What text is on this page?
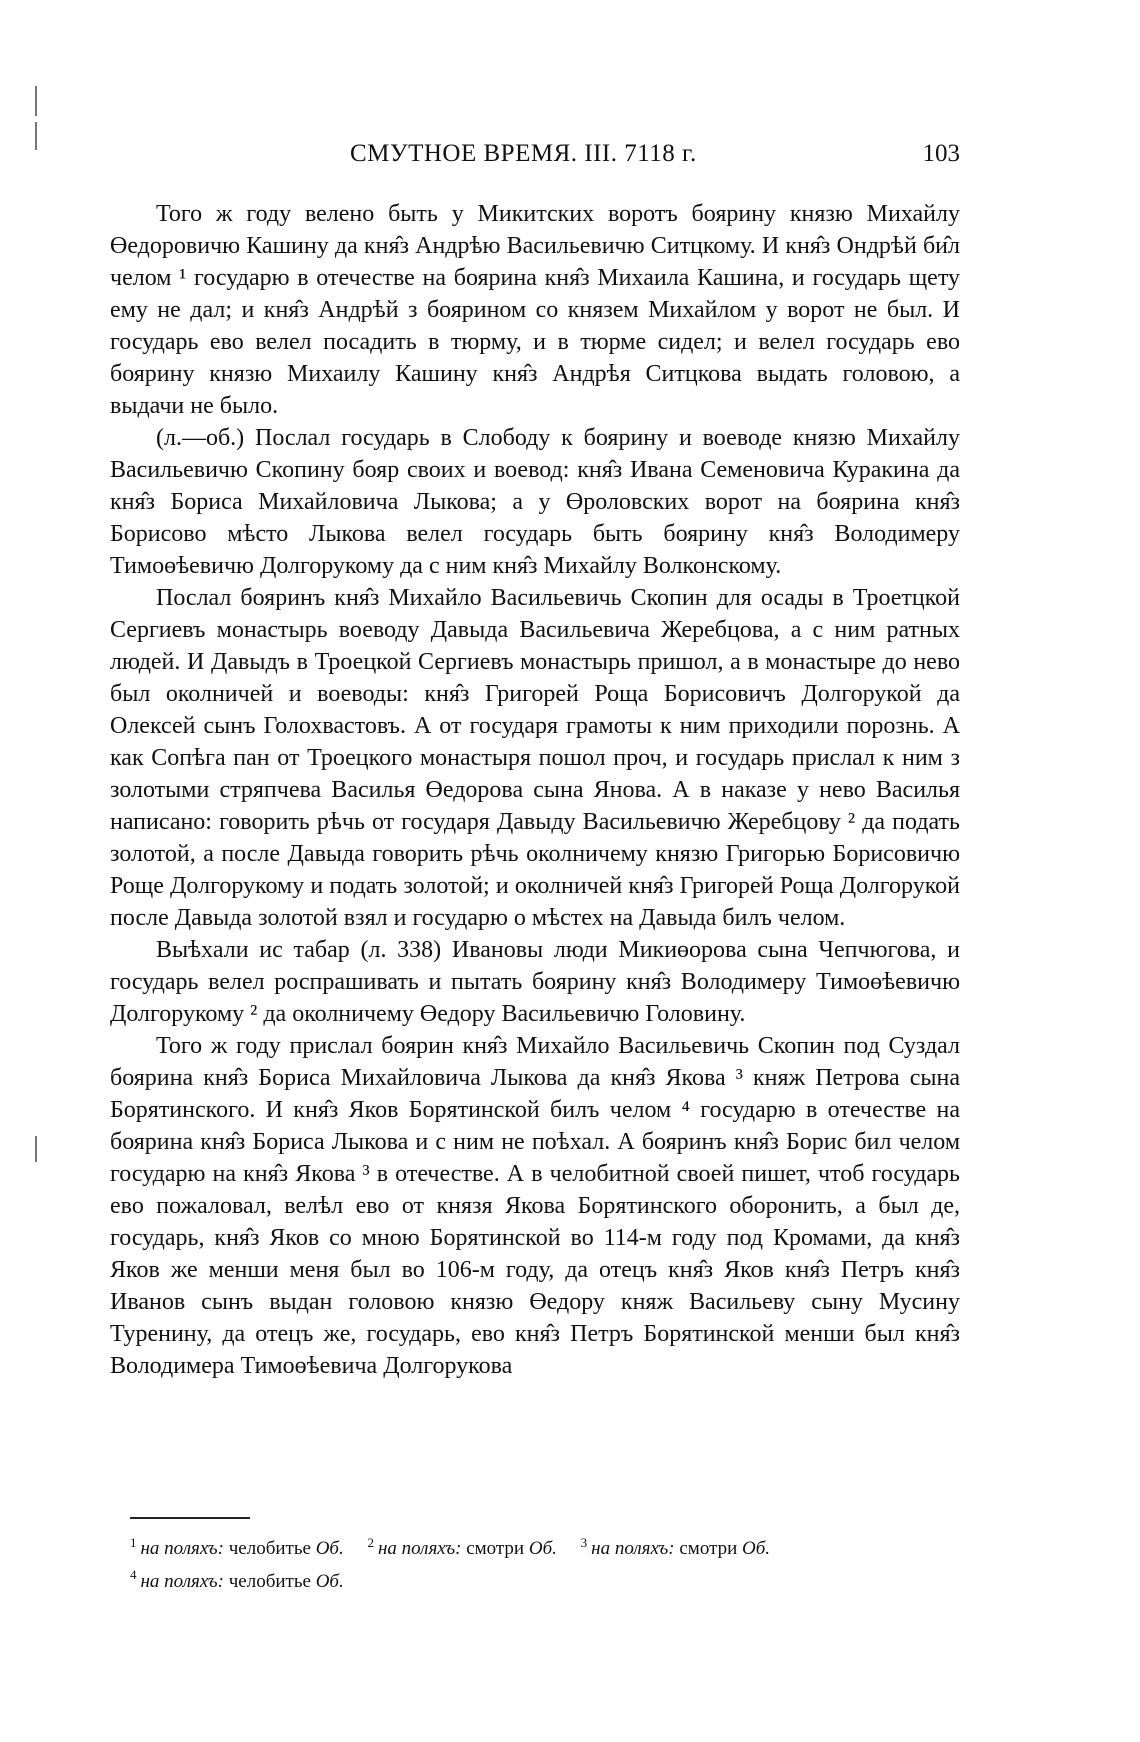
СМУТНОЕ ВРЕМЯ. III. 7118 г.	103

Того ж году велено быть у Микитских воротъ боярину князю Михайлу Өедоровичю Кашину да кня̂з Андрѣю Васильевичю Ситцкому. И кня̂з Ондрѣй би̂л челом ¹ государю в отечестве на боярина кня̂з Михаила Кашина, и государь щету ему не дал; и кня̂з Андрѣй з боярином со князем Михайлом у ворот не был. И государь ево велел посадить в тюрму, и в тюрме сидел; и велел государь ево боярину князю Михаилу Кашину кня̂з Андрѣя Ситцкова выдать головою, а выдачи не было.

(л.—об.) Послал государь в Слободу к боярину и воеводе князю Михайлу Васильевичю Скопину бояр своих и воевод: кня̂з Ивана Семеновича Куракина да кня̂з Бориса Михайловича Лыкова; а у Өроловских ворот на боярина кня̂з Борисово мѣсто Лыкова велел государь быть боярину кня̂з Володимеру Тимоөѣевичю Долгорукому да с ним кня̂з Михайлу Волконскому.

Послал бояринъ кня̂з Михайло Васильевичь Скопин для осады в Троетцкой Сергиевъ монастырь воеводу Давыда Васильевича Жеребцова, а с ним ратных людей. И Давыдъ в Троецкой Сергиевъ монастырь пришол, а в монастыре до нево был околничей и воеводы: кня̂з Григорей Роща Борисовичъ Долгорукой да Олексей сынъ Голохвастовъ. А от государя грамоты к ним приходили порознь. А как Сопѣга пан от Троецкого монастыря пошол проч, и государь прислал к ним з золотыми стряпчева Василья Өедорова сына Янова. А в наказе у нево Василья написано: говорить рѣчь от государя Давыду Васильевичю Жеребцову ² да подать золотой, а после Давыда говорить рѣчь околничему князю Григорью Борисовичю Роще Долгорукому и подать золотой; и околничей кня̂з Григорей Роща Долгорукой после Давыда золотой взял и государю о мѣстех на Давыда билъ челом.

Выѣхали ис табар (л. 338) Ивановы люди Микиөорова сына Чепчюгова, и государь велел роспрашивать и пытать боярину кня̂з Володимеру Тимоөѣевичю Долгорукому ² да околничему Өедору Васильевичю Головину.

Того ж году прислал боярин кня̂з Михайло Васильевичь Скопин под Суздал боярина кня̂з Бориса Михайловича Лыкова да кня̂з Якова ³ княж Петрова сына Борятинского. И кня̂з Яков Борятинской билъ челом ⁴ государю в отечестве на боярина кня̂з Бориса Лыкова и с ним не поѣхал. А бояринъ кня̂з Борис бил челом государю на кня̂з Якова ³ в отечестве. А в челобитной своей пишет, чтоб государь ево пожаловал, велѣл ево от князя Якова Борятинского оборонить, а был де, государь, кня̂з Яков со мною Борятинской во 114-м году под Кромами, да кня̂з Яков же менши меня был во 106-м году, да отецъ кня̂з Яков кня̂з Петръ кня̂з Иванов сынъ выдан головою князю Өедору княж Васильеву сыну Мусину Туренину, да отецъ же, государь, ево кня̂з Петръ Борятинской менши был кня̂з Володимера Тимоөѣевича Долгорукова

$^1$ на поляхъ: челобитье Об. $^2$ на поляхъ: смотри Об. $^3$ на поляхъ: смотри Об.

$^4$ на поляхъ: челобитье Об.
